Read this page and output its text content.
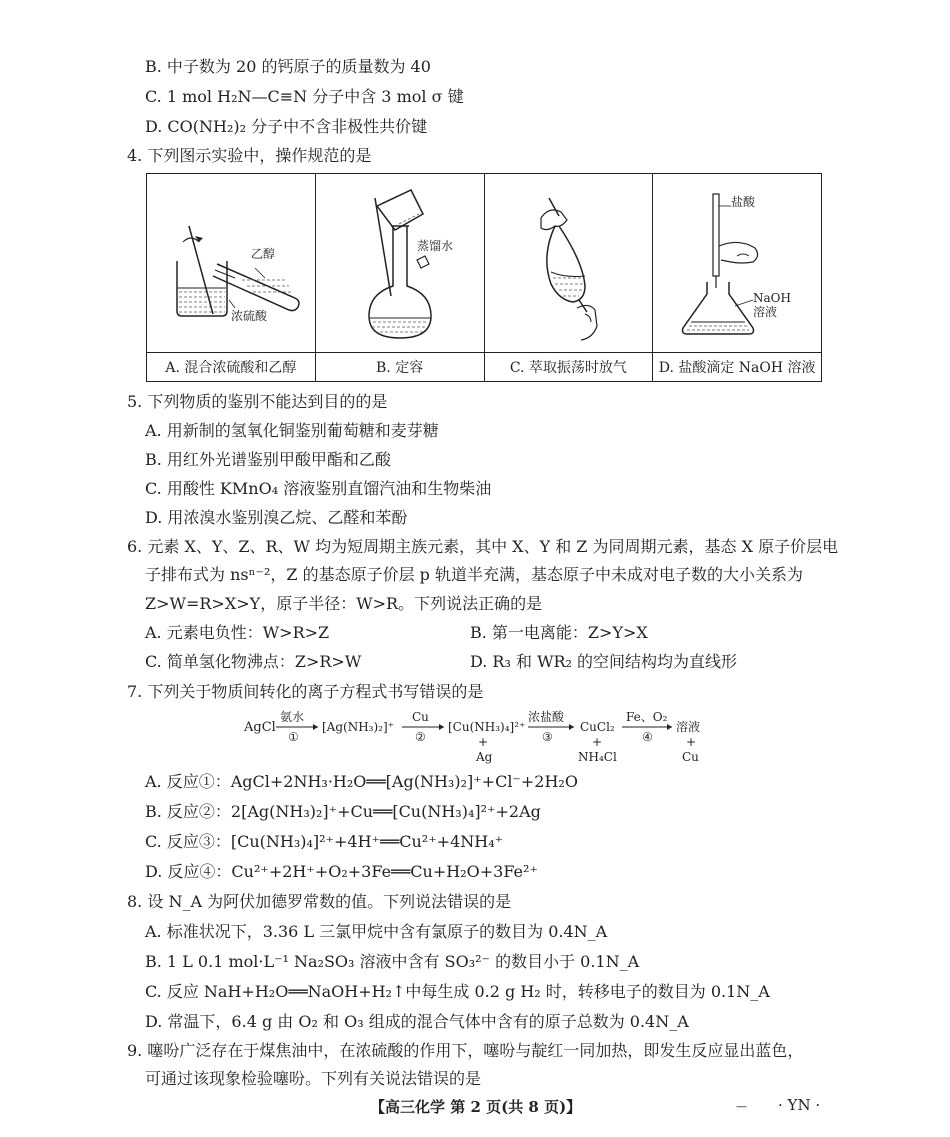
B. 中子数为 20 的钙原子的质量数为 40
C. 1 mol H₂N—C≡N 分子中含 3 mol σ 键
D. CO(NH₂)₂ 分子中不含非极性共价键
4. 下列图示实验中，操作规范的是
乙醇
浓硫酸	蒸馏水		盐酸
NaOH
溶液

A. 混合浓硫酸和乙醇	B. 定容	C. 萃取振荡时放气	D. 盐酸滴定 NaOH 溶液
5. 下列物质的鉴别不能达到目的的是
A. 用新制的氢氧化铜鉴别葡萄糖和麦芽糖
B. 用红外光谱鉴别甲酸甲酯和乙酸
C. 用酸性 KMnO₄ 溶液鉴别直馏汽油和生物柴油
D. 用浓溴水鉴别溴乙烷、乙醛和苯酚
6. 元素 X、Y、Z、R、W 均为短周期主族元素，其中 X、Y 和 Z 为同周期元素，基态 X 原子价层电
子排布式为 nsⁿ⁻²，Z 的基态原子价层 p 轨道半充满，基态原子中未成对电子数的大小关系为
Z>W=R>X>Y，原子半径：W>R。下列说法正确的是
A. 元素电负性：W>R>Z	B. 第一电离能：Z>Y>X
C. 简单氢化物沸点：Z>R>W	D. R₃ 和 WR₂ 的空间结构均为直线形
7. 下列关于物质间转化的离子方程式书写错误的是
AgCl
氨水
①
[Ag(NH₃)₂]⁺
Cu
②
[Cu(NH₃)₄]²⁺
+
Ag
浓盐酸
③
CuCl₂
+
NH₄Cl
Fe、O₂
④
溶液
+
Cu
A. 反应①：AgCl+2NH₃·H₂O══[Ag(NH₃)₂]⁺+Cl⁻+2H₂O
B. 反应②：2[Ag(NH₃)₂]⁺+Cu══[Cu(NH₃)₄]²⁺+2Ag
C. 反应③：[Cu(NH₃)₄]²⁺+4H⁺══Cu²⁺+4NH₄⁺
D. 反应④：Cu²⁺+2H⁺+O₂+3Fe══Cu+H₂O+3Fe²⁺
8. 设 N_A 为阿伏加德罗常数的值。下列说法错误的是
A. 标准状况下，3.36 L 三氯甲烷中含有氯原子的数目为 0.4N_A
B. 1 L 0.1 mol·L⁻¹ Na₂SO₃ 溶液中含有 SO₃²⁻ 的数目小于 0.1N_A
C. 反应 NaH+H₂O══NaOH+H₂↑中每生成 0.2 g H₂ 时，转移电子的数目为 0.1N_A
D. 常温下，6.4 g 由 O₂ 和 O₃ 组成的混合气体中含有的原子总数为 0.4N_A
9. 噻吩广泛存在于煤焦油中，在浓硫酸的作用下，噻吩与靛红一同加热，即发生反应显出蓝色，
可通过该现象检验噻吩。下列有关说法错误的是
【高三化学 第 2 页(共 8 页)】	— · YN ·
